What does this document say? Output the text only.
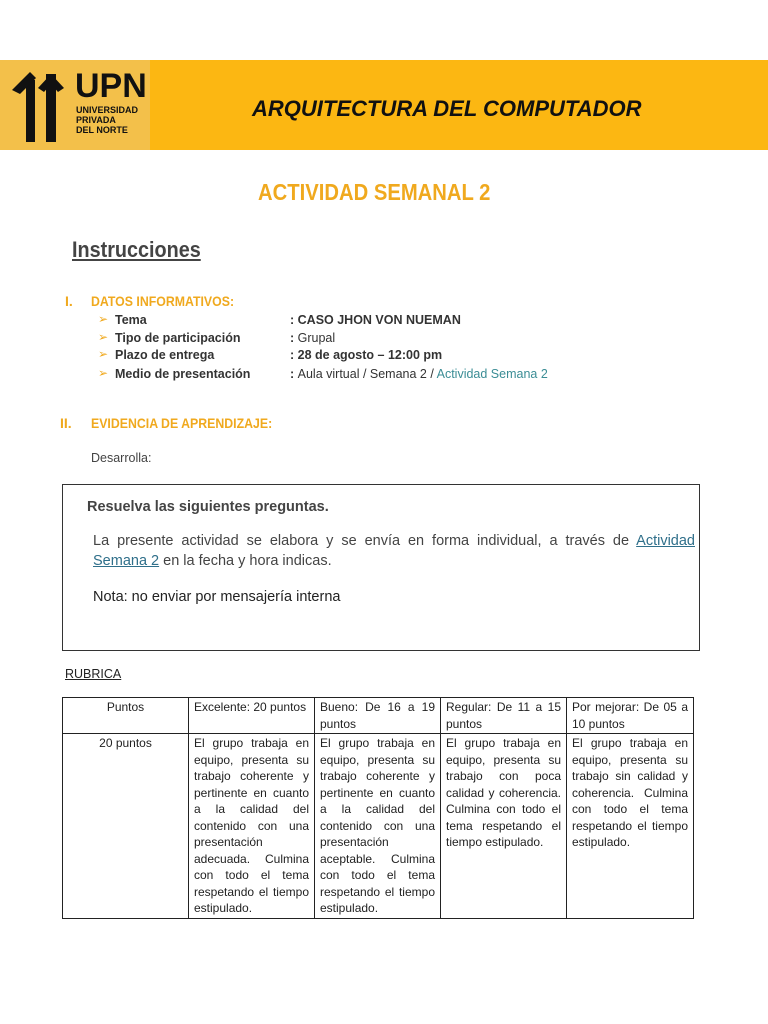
UPN
UNIVERSIDAD
PRIVADA
DEL NORTE
ARQUITECTURA DEL COMPUTADOR
ACTIVIDAD SEMANAL 2
Instrucciones
I. DATOS INFORMATIVOS:
➢ Tema	: CASO JHON VON NUEMAN
➢ Tipo de participación	: Grupal
➢ Plazo de entrega	: 28 de agosto – 12:00 pm
➢ Medio de presentación	: Aula virtual / Semana 2 / Actividad Semana 2
II. EVIDENCIA DE APRENDIZAJE:
Desarrolla:
Resuelva las siguientes preguntas.
La presente actividad se elabora y se envía en forma individual, a través de Actividad Semana 2 en la fecha y hora indicas.
Nota: no enviar por mensajería interna
RUBRICA
Puntos	Excelente: 20 puntos	Bueno: De 16 a 19 puntos	Regular: De 11 a 15 puntos	Por mejorar: De 05 a 10 puntos
20 puntos	El grupo trabaja en equipo, presenta su trabajo coherente y pertinente en cuanto a la calidad del contenido con una presentación adecuada. Culmina con todo el tema respetando el tiempo estipulado.	El grupo trabaja en equipo, presenta su trabajo coherente y pertinente en cuanto a la calidad del contenido con una presentación aceptable. Culmina con todo el tema respetando el tiempo estipulado.	El grupo trabaja en equipo, presenta su trabajo con poca calidad y coherencia. Culmina con todo el tema respetando el tiempo estipulado.	El grupo trabaja en equipo, presenta su trabajo sin calidad y coherencia. Culmina con todo el tema respetando el tiempo estipulado.
